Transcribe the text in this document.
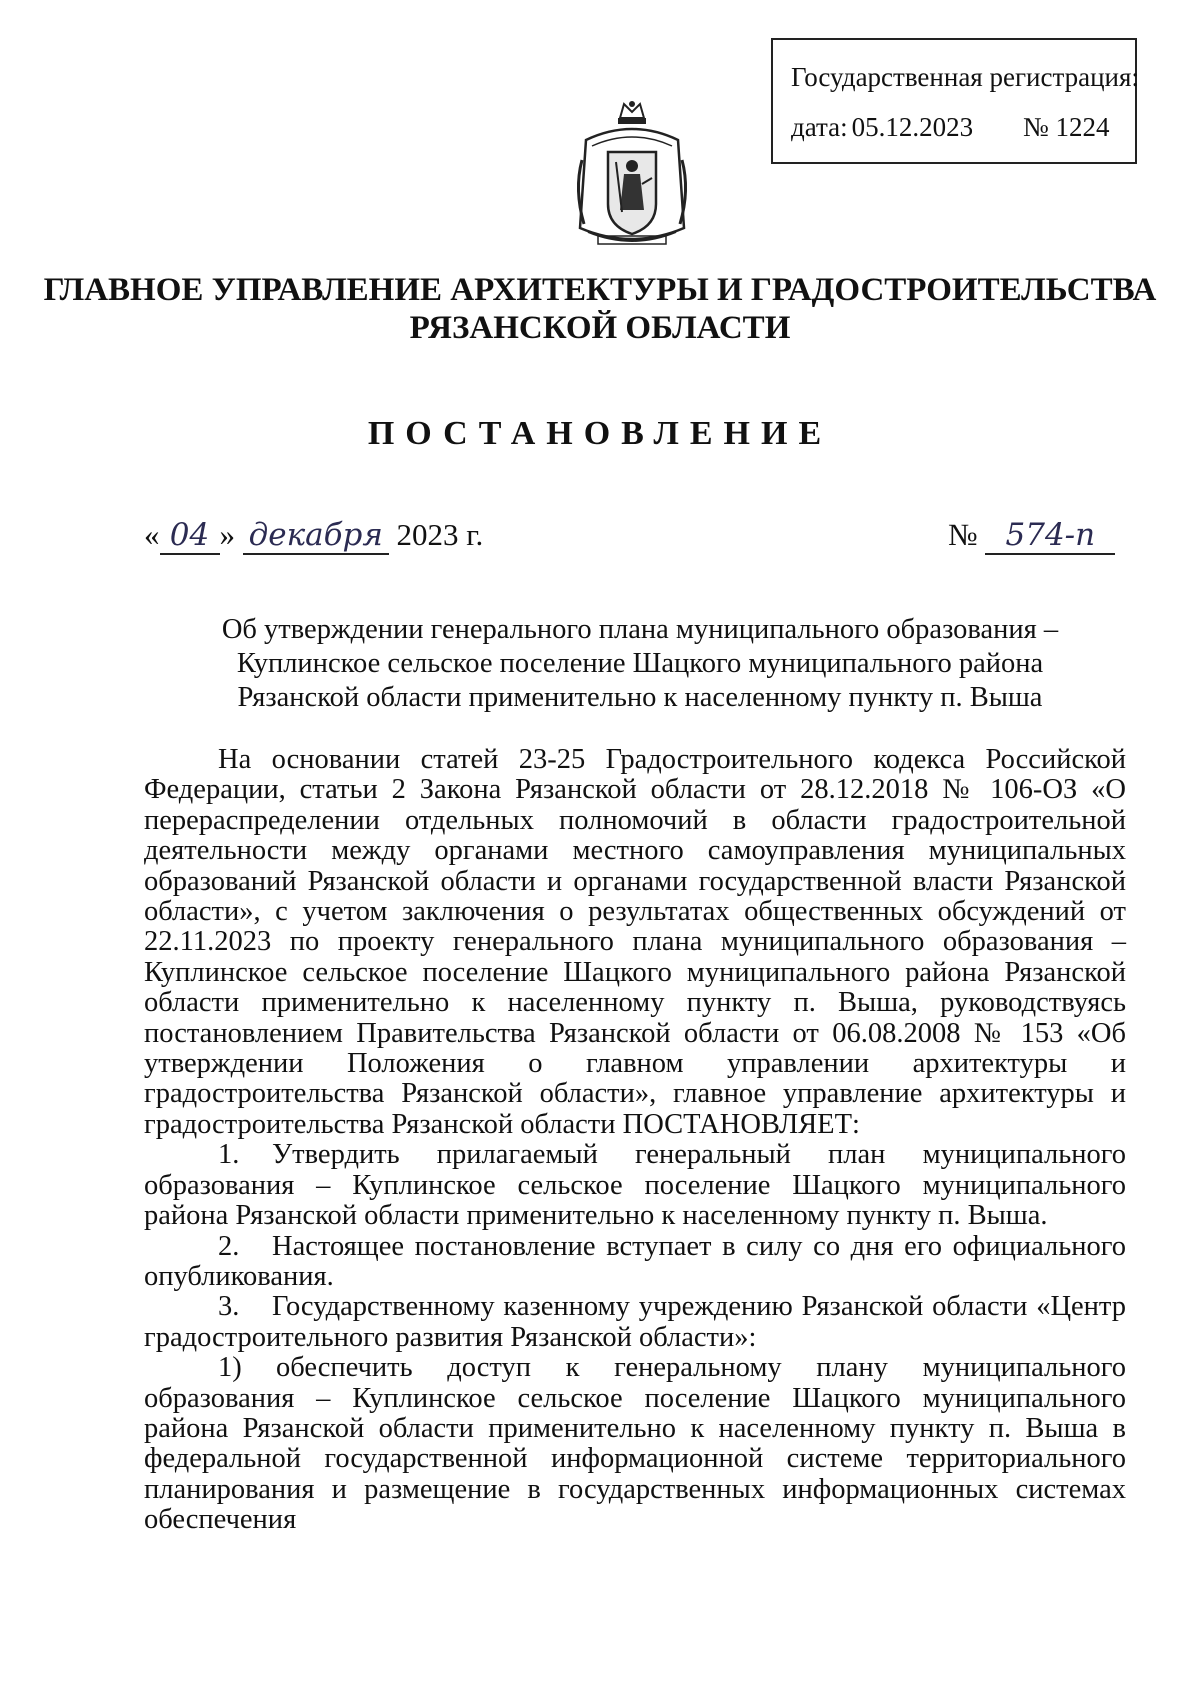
Государственная регистрация:
дата: 05.12.2023 № 1224
ГЛАВНОЕ УПРАВЛЕНИЕ АРХИТЕКТУРЫ И ГРАДОСТРОИТЕЛЬСТВА
РЯЗАНСКОЙ ОБЛАСТИ
ПОСТАНОВЛЕНИЕ
« 04 » декабря 2023 г.	№ 574-п
Об утверждении генерального плана муниципального образования –
Куплинское сельское поселение Шацкого муниципального района
Рязанской области применительно к населенному пункту п. Выша

На основании статей 23-25 Градостроительного кодекса Российской Федерации, статьи 2 Закона Рязанской области от 28.12.2018 № 106-ОЗ «О перераспределении отдельных полномочий в области градостроительной деятельности между органами местного самоуправления муниципальных образований Рязанской области и органами государственной власти Рязанской области», с учетом заключения о результатах общественных обсуждений от 22.11.2023 по проекту генерального плана муниципального образования – Куплинское сельское поселение Шацкого муниципального района Рязанской области применительно к населенному пункту п. Выша, руководствуясь постановлением Правительства Рязанской области от 06.08.2008 № 153 «Об утверждении Положения о главном управлении архитектуры и градостроительства Рязанской области», главное управление архитектуры и градостроительства Рязанской области ПОСТАНОВЛЯЕТ:

1. Утвердить прилагаемый генеральный план муниципального образования – Куплинское сельское поселение Шацкого муниципального района Рязанской области применительно к населенному пункту п. Выша.

2. Настоящее постановление вступает в силу со дня его официального опубликования.

3. Государственному казенному учреждению Рязанской области «Центр градостроительного развития Рязанской области»:

1) обеспечить доступ к генеральному плану муниципального образования – Куплинское сельское поселение Шацкого муниципального района Рязанской области применительно к населенному пункту п. Выша в федеральной государственной информационной системе территориального планирования и размещение в государственных информационных системах обеспечения
